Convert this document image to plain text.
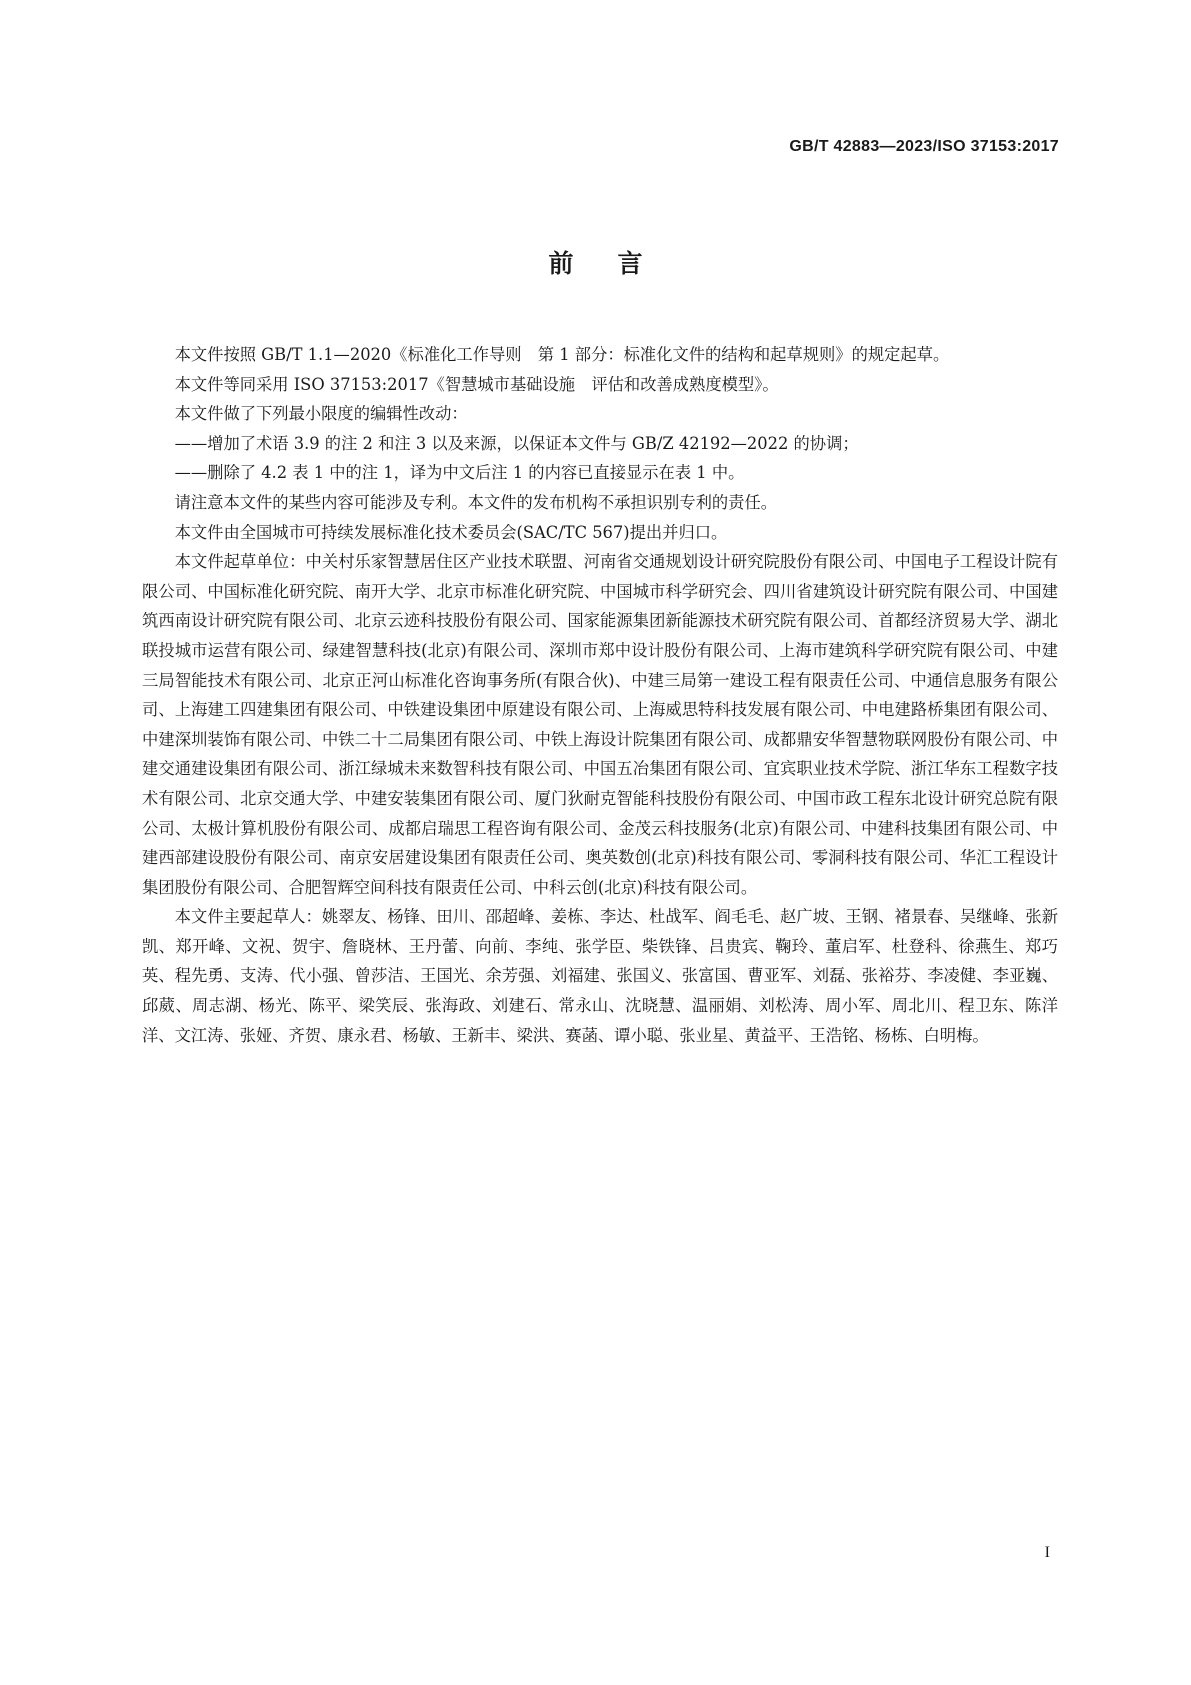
GB/T 42883—2023/ISO 37153:2017
前言

本文件按照 GB/T 1.1—2020《标准化工作导则　第 1 部分：标准化文件的结构和起草规则》的规定起草。

本文件等同采用 ISO 37153:2017《智慧城市基础设施　评估和改善成熟度模型》。

本文件做了下列最小限度的编辑性改动：

——增加了术语 3.9 的注 2 和注 3 以及来源，以保证本文件与 GB/Z 42192—2022 的协调；

——删除了 4.2 表 1 中的注 1，译为中文后注 1 的内容已直接显示在表 1 中。

请注意本文件的某些内容可能涉及专利。本文件的发布机构不承担识别专利的责任。

本文件由全国城市可持续发展标准化技术委员会(SAC/TC 567)提出并归口。

本文件起草单位：中关村乐家智慧居住区产业技术联盟、河南省交通规划设计研究院股份有限公司、中国电子工程设计院有限公司、中国标准化研究院、南开大学、北京市标准化研究院、中国城市科学研究会、四川省建筑设计研究院有限公司、中国建筑西南设计研究院有限公司、北京云迹科技股份有限公司、国家能源集团新能源技术研究院有限公司、首都经济贸易大学、湖北联投城市运营有限公司、绿建智慧科技(北京)有限公司、深圳市郑中设计股份有限公司、上海市建筑科学研究院有限公司、中建三局智能技术有限公司、北京正河山标准化咨询事务所(有限合伙)、中建三局第一建设工程有限责任公司、中通信息服务有限公司、上海建工四建集团有限公司、中铁建设集团中原建设有限公司、上海威思特科技发展有限公司、中电建路桥集团有限公司、中建深圳装饰有限公司、中铁二十二局集团有限公司、中铁上海设计院集团有限公司、成都鼎安华智慧物联网股份有限公司、中建交通建设集团有限公司、浙江绿城未来数智科技有限公司、中国五冶集团有限公司、宜宾职业技术学院、浙江华东工程数字技术有限公司、北京交通大学、中建安装集团有限公司、厦门狄耐克智能科技股份有限公司、中国市政工程东北设计研究总院有限公司、太极计算机股份有限公司、成都启瑞思工程咨询有限公司、金茂云科技服务(北京)有限公司、中建科技集团有限公司、中建西部建设股份有限公司、南京安居建设集团有限责任公司、奥英数创(北京)科技有限公司、零洞科技有限公司、华汇工程设计集团股份有限公司、合肥智辉空间科技有限责任公司、中科云创(北京)科技有限公司。

本文件主要起草人：姚翠友、杨锋、田川、邵超峰、姜栋、李达、杜战军、阎毛毛、赵广坡、王钢、褚景春、吴继峰、张新凯、郑开峰、文祝、贺宇、詹晓林、王丹蕾、向前、李纯、张学臣、柴铁锋、吕贵宾、鞠玲、董启军、杜登科、徐燕生、郑巧英、程先勇、支涛、代小强、曾莎洁、王国光、余芳强、刘福建、张国义、张富国、曹亚军、刘磊、张裕芬、李凌健、李亚巍、邱葳、周志湖、杨光、陈平、梁笑辰、张海政、刘建石、常永山、沈晓慧、温丽娟、刘松涛、周小军、周北川、程卫东、陈洋洋、文江涛、张娅、齐贺、康永君、杨敏、王新丰、梁洪、赛菡、谭小聪、张业星、黄益平、王浩铭、杨栋、白明梅。

I
